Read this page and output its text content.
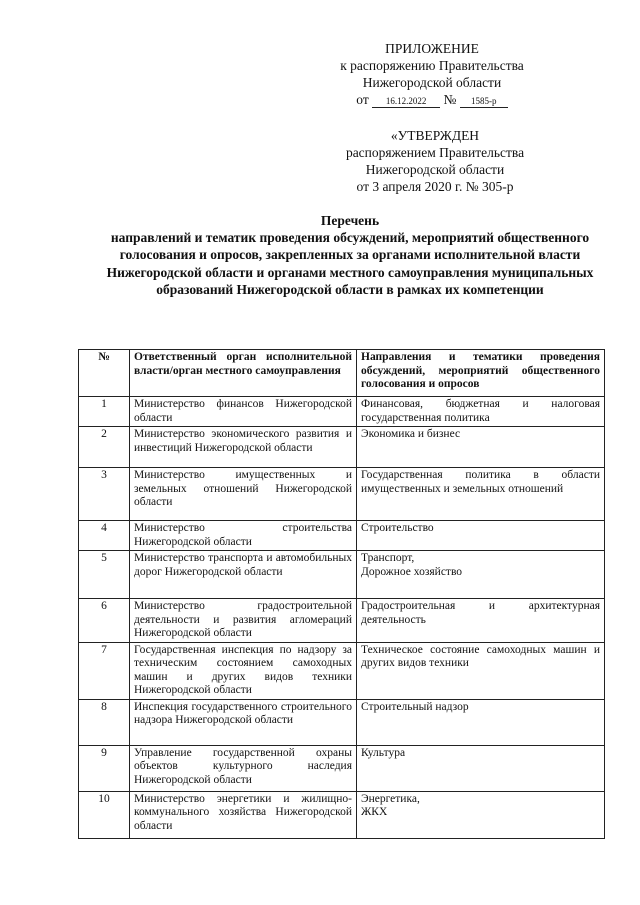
ПРИЛОЖЕНИЕ
к распоряжению Правительства
Нижегородской области
от 16.12.2022 № 1585-р
«УТВЕРЖДЕН
распоряжением Правительства
Нижегородской области
от 3 апреля 2020 г. № 305-р
Перечень
направлений и тематик проведения обсуждений, мероприятий общественного голосования и опросов, закрепленных за органами исполнительной власти Нижегородской области и органами местного самоуправления муниципальных образований Нижегородской области в рамках их компетенции
№	Ответственный орган исполнительной власти/орган местного самоуправления	Направления и тематики проведения обсуждений, мероприятий общественного голосования и опросов
1	Министерство финансов Нижегородской области	Финансовая, бюджетная и налоговая государственная политика
2	Министерство экономического развития и инвестиций Нижегородской области	Экономика и бизнес
3	Министерство имущественных и земельных отношений Нижегородской области	Государственная политика в области имущественных и земельных отношений
4	Министерство строительства Нижегородской области	Строительство
5	Министерство транспорта и автомобильных дорог Нижегородской области	Транспорт,
Дорожное хозяйство
6	Министерство градостроительной деятельности и развития агломераций Нижегородской области	Градостроительная и архитектурная деятельность
7	Государственная инспекция по надзору за техническим состоянием самоходных машин и других видов техники Нижегородской области	Техническое состояние самоходных машин и других видов техники
8	Инспекция государственного строительного надзора Нижегородской области	Строительный надзор
9	Управление государственной охраны объектов культурного наследия Нижегородской области	Культура
10	Министерство энергетики и жилищно-коммунального хозяйства Нижегородской области	Энергетика,
ЖКХ
